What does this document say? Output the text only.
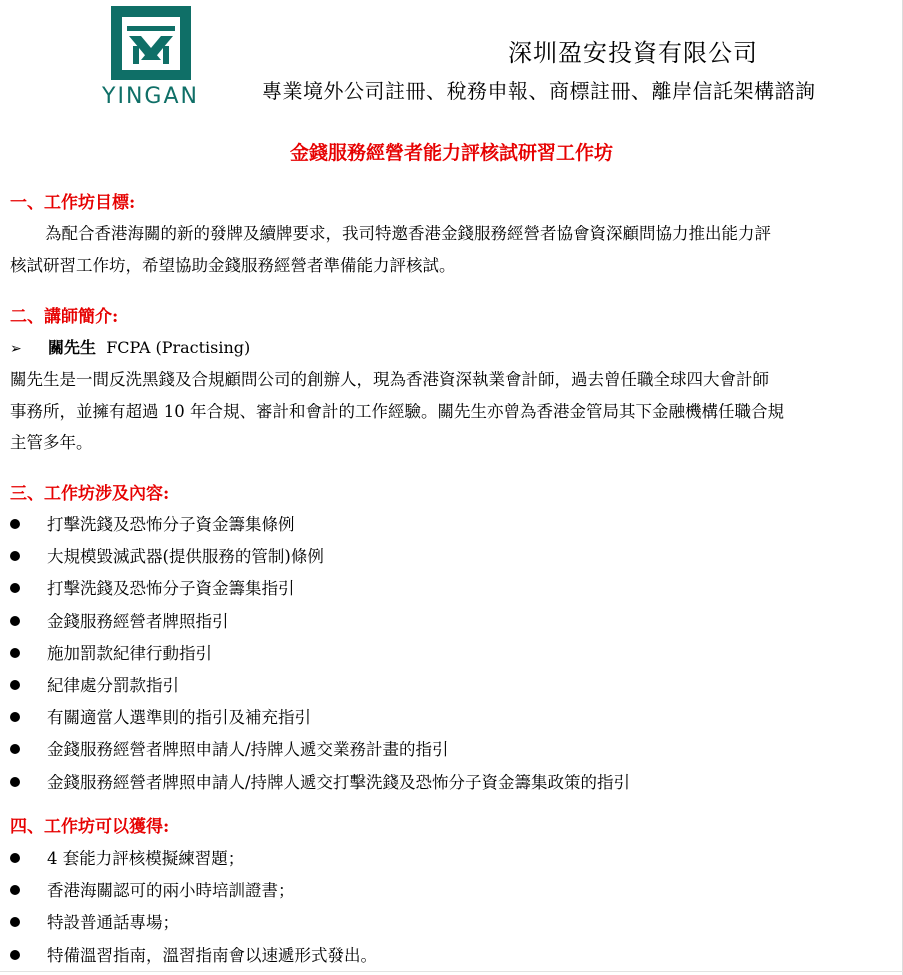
YINGAN
深圳盈安投資有限公司
專業境外公司註冊、稅務申報、商標註冊、離岸信託架構諮詢
金錢服務經營者能力評核試研習工作坊
一、工作坊目標:

為配合香港海關的新的發牌及續牌要求，我司特邀香港金錢服務經營者協會資深顧問協力推出能力評
核試研習工作坊，希望協助金錢服務經營者準備能力評核試。

二、講師簡介:
➢ 關先生 FCPA (Practising)

關先生是一間反洗黑錢及合規顧問公司的創辦人，現為香港資深執業會計師，過去曾任職全球四大會計師
事務所，並擁有超過 10 年合規、審計和會計的工作經驗。關先生亦曾為香港金管局其下金融機構任職合規
主管多年。

三、工作坊涉及內容:
打擊洗錢及恐怖分子資金籌集條例
大規模毀滅武器(提供服務的管制)條例
打擊洗錢及恐怖分子資金籌集指引
金錢服務經營者牌照指引
施加罰款紀律行動指引
紀律處分罰款指引
有關適當人選準則的指引及補充指引
金錢服務經營者牌照申請人/持牌人遞交業務計畫的指引
金錢服務經營者牌照申請人/持牌人遞交打擊洗錢及恐怖分子資金籌集政策的指引
四、工作坊可以獲得:
4 套能力評核模擬練習題；
香港海關認可的兩小時培訓證書；
特設普通話專場；
特備溫習指南，溫習指南會以速遞形式發出。
